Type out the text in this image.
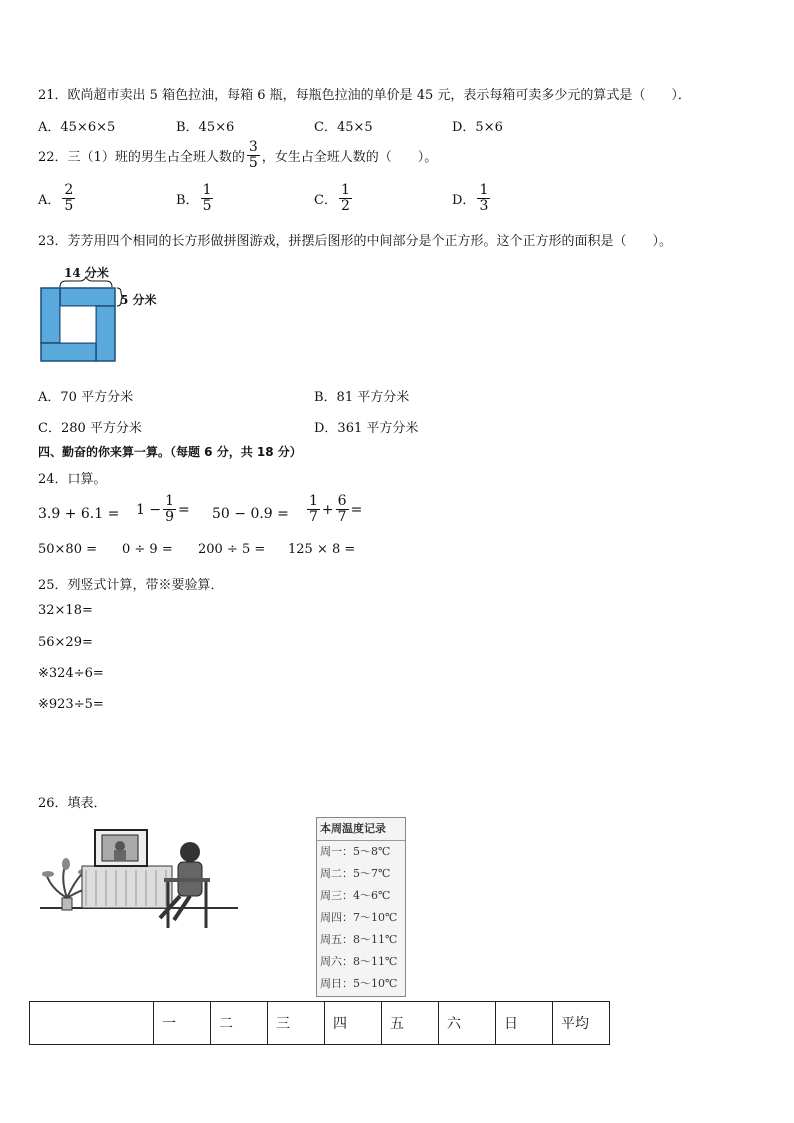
21．欧尚超市卖出 5 箱色拉油，每箱 6 瓶，每瓶色拉油的单价是 45 元，表示每箱可卖多少元的算式是（　　）．
A．45×6×5	B．45×6	C．45×5	D．5×6
22．三（1）班的男生占全班人数的 $\frac{3}{5}$ ，女生占全班人数的（　　）。
A． $\frac{2}{5}$	B． $\frac{1}{5}$	C． $\frac{1}{2}$	D． $\frac{1}{3}$
23．芳芳用四个相同的长方形做拼图游戏，拼摆后图形的中间部分是个正方形。这个正方形的面积是（　　）。
14 分米
5 分米
A．70 平方分米	B．81 平方分米
C．280 平方分米	D．361 平方分米
四、勤奋的你来算一算。（每题 6 分，共 18 分）
24．口算。
$3.9 + 6.1 = 1 - \frac{1}{9} = 50 - 0.9 = \frac{1}{7} + \frac{6}{7}$ =
50×80 = 0 ÷ 9 = 200 ÷ 5 = 125 × 8 =
25．列竖式计算，带※要验算．
32×18=
56×29=
※324÷6=
※923÷5=
26．填表．
本周温度记录
周一：5～8℃
周二：5～7℃
周三：4～6℃
周四：7～10℃
周五：8～11℃
周六：8～11℃
周日：5～10℃
	一	二	三	四	五	六	日	平均
